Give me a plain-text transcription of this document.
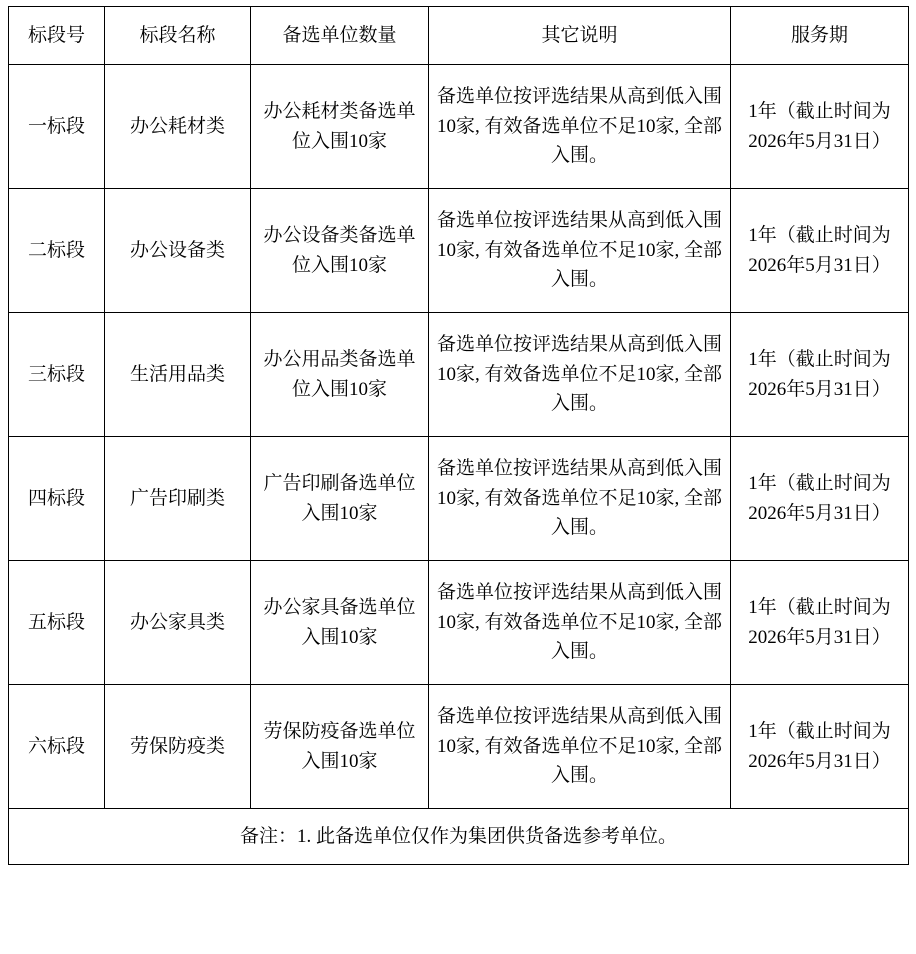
标段号	标段名称	备选单位数量	其它说明	服务期
一标段	办公耗材类	办公耗材类备选单位入围10家	备选单位按评选结果从高到低入围10家, 有效备选单位不足10家, 全部入围。	1年（截止时间为2026年5月31日）
二标段	办公设备类	办公设备类备选单位入围10家	备选单位按评选结果从高到低入围10家, 有效备选单位不足10家, 全部入围。	1年（截止时间为2026年5月31日）
三标段	生活用品类	办公用品类备选单位入围10家	备选单位按评选结果从高到低入围10家, 有效备选单位不足10家, 全部入围。	1年（截止时间为2026年5月31日）
四标段	广告印刷类	广告印刷备选单位入围10家	备选单位按评选结果从高到低入围10家, 有效备选单位不足10家, 全部入围。	1年（截止时间为2026年5月31日）
五标段	办公家具类	办公家具备选单位入围10家	备选单位按评选结果从高到低入围10家, 有效备选单位不足10家, 全部入围。	1年（截止时间为2026年5月31日）
六标段	劳保防疫类	劳保防疫备选单位入围10家	备选单位按评选结果从高到低入围10家, 有效备选单位不足10家, 全部入围。	1年（截止时间为2026年5月31日）
备注：1. 此备选单位仅作为集团供货备选参考单位。				
